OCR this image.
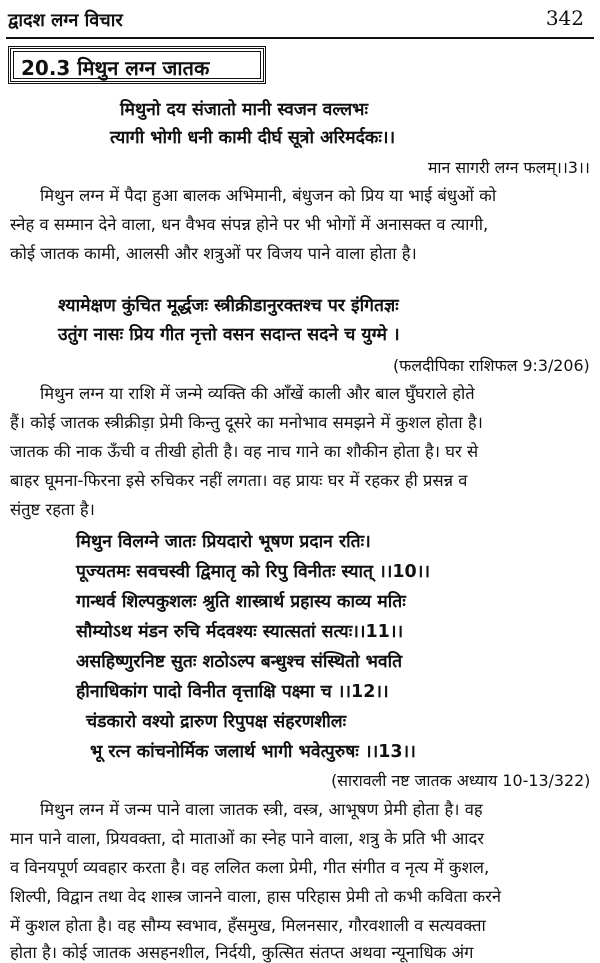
द्वादश लग्न विचार	342
20.3 मिथुन लग्न जातक
मिथुनो दय संजातो मानी स्वजन वल्लभः
त्यागी भोगी धनी कामी दीर्घ सूत्रो अरिमर्दकः।।
मान सागरी लग्न फलम्।।3।।
मिथुन लग्न में पैदा हुआ बालक अभिमानी, बंधुजन को प्रिय या भाई बंधुओं को
स्नेह व सम्मान देने वाला, धन वैभव संपन्न होने पर भी भोगों में अनासक्त व त्यागी,
कोई जातक कामी, आलसी और शत्रुओं पर विजय पाने वाला होता है।
श्यामेक्षण कुंचित मूर्द्धजः स्त्रीक्रीडानुरक्तश्च पर इंगितज्ञः
उतुंग नासः प्रिय गीत नृत्तो वसन सदान्त सदने च युग्मे ।
(फलदीपिका राशिफल 9:3/206)
मिथुन लग्न या राशि में जन्मे व्यक्ति की आँखें काली और बाल घुँघराले होते
हैं। कोई जातक स्त्रीक्रीड़ा प्रेमी किन्तु दूसरे का मनोभाव समझने में कुशल होता है।
जातक की नाक ऊँची व तीखी होती है। वह नाच गाने का शौकीन होता है। घर से
बाहर घूमना-फिरना इसे रुचिकर नहीं लगता। वह प्रायः घर में रहकर ही प्रसन्न व
संतुष्ट रहता है।
मिथुन विलग्ने जातः प्रियदारो भूषण प्रदान रतिः।
पूज्यतमः सवचस्वी द्विमातृ को रिपु विनीतः स्यात् ।।10।।
गान्धर्व शिल्पकुशलः श्रुति शास्त्रार्थ प्रहास्य काव्य मतिः
सौम्योऽथ मंडन रुचि र्मदवश्यः स्यात्सतां सत्यः।।11।।
असहिष्णुरनिष्ट सुतः शठोऽल्प बन्धुश्च संस्थितो भवति
हीनाधिकांग पादो विनीत वृत्ताक्षि पक्ष्मा च ।।12।।
चंडकारो वश्यो द्रारुण रिपुपक्ष संहरणशीलः
भू रत्न कांचनोर्मिक जलार्थ भागी भवेत्पुरुषः ।।13।।
(सारावली नष्ट जातक अध्याय 10-13/322)
मिथुन लग्न में जन्म पाने वाला जातक स्त्री, वस्त्र, आभूषण प्रेमी होता है। वह
मान पाने वाला, प्रियवक्ता, दो माताओं का स्नेह पाने वाला, शत्रु के प्रति भी आदर
व विनयपूर्ण व्यवहार करता है। वह ललित कला प्रेमी, गीत संगीत व नृत्य में कुशल,
शिल्पी, विद्वान तथा वेद शास्त्र जानने वाला, हास परिहास प्रेमी तो कभी कविता करने
में कुशल होता है। वह सौम्य स्वभाव, हँसमुख, मिलनसार, गौरवशाली व सत्यवक्ता
होता है। कोई जातक असहनशील, निर्दयी, कुत्सित संतप्त अथवा न्यूनाधिक अंग
